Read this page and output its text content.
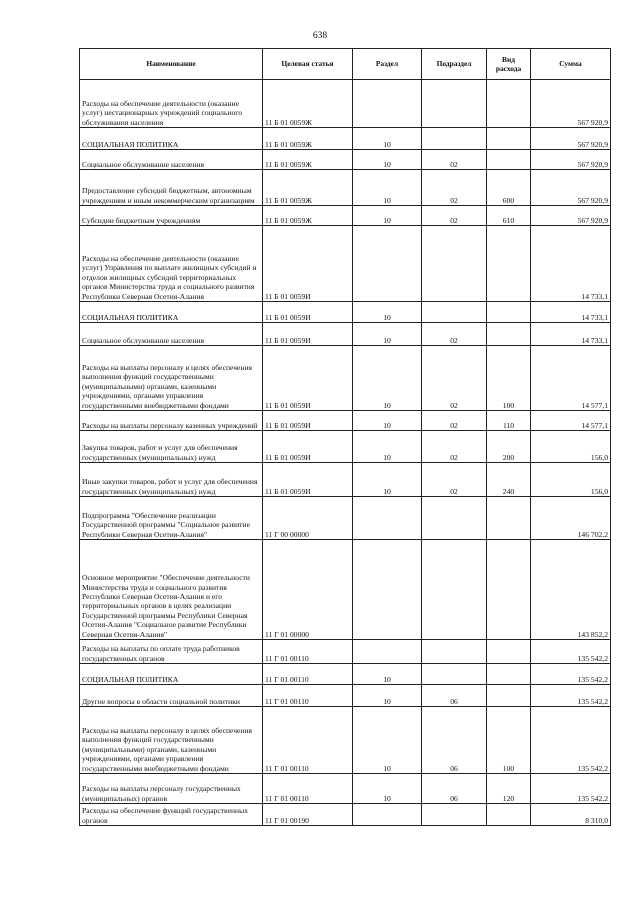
638
Наименование	Целевая статья	Раздел	Подраздел	Вид расхода	Сумма
Расходы на обеспечение деятельности (оказание услуг) нестационарных учреждений социального обслуживания населения	11 Б 01 0059Ж				567 920,9
СОЦИАЛЬНАЯ ПОЛИТИКА	11 Б 01 0059Ж	10			567 920,9
Социальное обслуживание населения	11 Б 01 0059Ж	10	02		567 920,9
Предоставление субсидий бюджетным, автономным учреждениям и иным некоммерческим организациям	11 Б 01 0059Ж	10	02	600	567 920,9
Субсидии бюджетным учреждениям	11 Б 01 0059Ж	10	02	610	567 920,9
Расходы на обеспечение деятельности (оказание услуг) Управления по выплате жилищных субсидий и отделов жилищных субсидий территориальных органов Министерства труда и социального развития Республики Северная Осетия-Алания	11 Б 01 0059И				14 733,1
СОЦИАЛЬНАЯ ПОЛИТИКА	11 Б 01 0059И	10			14 733,1
Социальное обслуживание населения	11 Б 01 0059И	10	02		14 733,1
Расходы на выплаты персоналу в целях обеспечения выполнения функций государственными (муниципальными) органами, казенными учреждениями, органами управления государственными внебюджетными фондами	11 Б 01 0059И	10	02	100	14 577,1
Расходы на выплаты персоналу казенных учреждений	11 Б 01 0059И	10	02	110	14 577,1
Закупка товаров, работ и услуг для обеспечения государственных (муниципальных) нужд	11 Б 01 0059И	10	02	200	156,0
Иные закупки товаров, работ и услуг для обеспечения государственных (муниципальных) нужд	11 Б 01 0059И	10	02	240	156,0
Подпрограмма "Обеспечение реализации Государственной программы "Социальное развитие Республики Северная Осетия-Алания"	11 Г 00 00000				146 702,2
Основное мероприятие "Обеспечение деятельности Министерства труда и социального развития Республики Северная Осетия-Алания и его территориальных органов в целях реализации Государственной программы Республики Северная Осетия-Алания "Социальное развитие Республики Северная Осетия-Алания"	11 Г 01 00000				143 852,2
Расходы на выплаты по оплате труда работников государственных органов	11 Г 01 00110				135 542,2
СОЦИАЛЬНАЯ ПОЛИТИКА	11 Г 01 00110	10			135 542,2
Другие вопросы в области социальной политики	11 Г 01 00110	10	06		135 542,2
Расходы на выплаты персоналу в целях обеспечения выполнения функций государственными (муниципальными) органами, казенными учреждениями, органами управления государственными внебюджетными фондами	11 Г 01 00110	10	06	100	135 542,2
Расходы на выплаты персоналу государственных (муниципальных) органов	11 Г 01 00110	10	06	120	135 542,2
Расходы на обеспечение функций государственных органов	11 Г 01 00190				8 310,0
